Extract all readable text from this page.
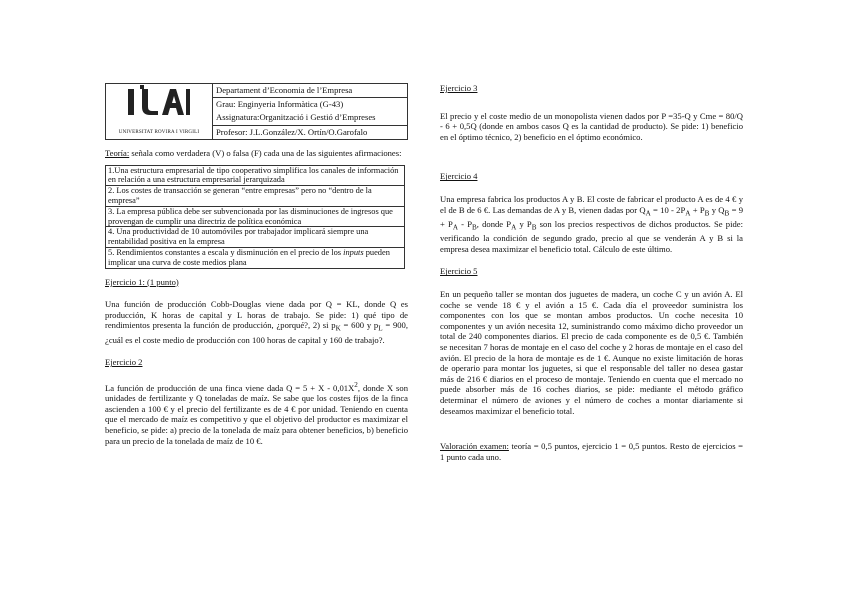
UNIVERSITAT ROVIRA I VIRGILI
	Departament d’Economia de l’Empresa
Grau: Enginyeria Informàtica (G-43)
Assignatura:Organització i Gestió d’Empreses
Profesor: J.L.González/X. Ortín/O.Garofalo

Teoría: señala como verdadera (V) o falsa (F) cada una de las siguientes afirmaciones:

1.Una estructura empresarial de tipo cooperativo simplifica los canales de información en relación a una estructura empresarial jerarquizada
2. Los costes de transacción se generan “entre empresas” pero no “dentro de la empresa”
3. La empresa pública debe ser subvencionada por las disminuciones de ingresos que provengan de cumplir una directriz de política económica
4. Una productividad de 10 automóviles por trabajador implicará siempre una rentabilidad positiva en la empresa
5. Rendimientos constantes a escala y disminución en el precio de los inputs pueden implicar una curva de coste medios plana

Ejercicio 1: (1 punto)

Una función de producción Cobb-Douglas viene dada por Q = KL, donde Q es producción, K horas de capital y L horas de trabajo. Se pide: 1) qué tipo de rendimientos presenta la función de producción, ¿porqué?, 2) si $p_K = 600$ y $p_L = 900$, ¿cuál es el coste medio de producción con 100 horas de capital y 160 de trabajo?.

Ejercicio 2

La función de producción de una finca viene dada $Q = 5 + X - 0,01X^2$, donde X son unidades de fertilizante y Q toneladas de maíz. Se sabe que los costes fijos de la finca ascienden a 100 € y el precio del fertilizante es de 4 € por unidad. Teniendo en cuenta que el mercado de maíz es competitivo y que el objetivo del productor es maximizar el beneficio, se pide: a) precio de la tonelada de maíz para obtener beneficios, b) beneficio para un precio de la tonelada de maíz de 10 €.

Ejercicio 3

El precio y el coste medio de un monopolista vienen dados por P =35-Q y Cme = 80/Q - 6 + 0,5Q (donde en ambos casos Q es la cantidad de producto). Se pide: 1) beneficio en el óptimo técnico, 2) beneficio en el óptimo económico.

Ejercicio 4

Una empresa fabrica los productos A y B. El coste de fabricar el producto A es de 4 € y el de B de 6 €. Las demandas de A y B, vienen dadas por $Q_A = 10 - 2P_A + P_B$ y $Q_B = 9 + P_A - P_B$, donde $P_A$ y $P_B$ son los precios respectivos de dichos productos. Se pide: verificando la condición de segundo grado, precio al que se venderán A y B si la empresa desea maximizar el beneficio total. Cálculo de este último.

Ejercicio 5

En un pequeño taller se montan dos juguetes de madera, un coche C y un avión A. El coche se vende 18 € y el avión a 15 €. Cada día el proveedor suministra los componentes con los que se montan ambos productos. Un coche necesita 10 componentes y un avión necesita 12, suministrando como máximo dicho proveedor un total de 240 componentes diarios. El precio de cada componente es de 0,5 €. También se necesitan 7 horas de montaje en el caso del coche y 2 horas de montaje en el caso del avión. El precio de la hora de montaje es de 1 €. Aunque no existe limitación de horas de operario para montar los juguetes, si que el responsable del taller no desea gastar más de 216 € diarios en el proceso de montaje. Teniendo en cuenta que el mercado no puede absorber más de 16 coches diarios, se pide: mediante el método gráfico determinar el número de aviones y el número de coches a montar diariamente si deseamos maximizar el beneficio total.

Valoración examen: teoría = 0,5 puntos, ejercicio 1 = 0,5 puntos. Resto de ejercicios = 1 punto cada uno.
